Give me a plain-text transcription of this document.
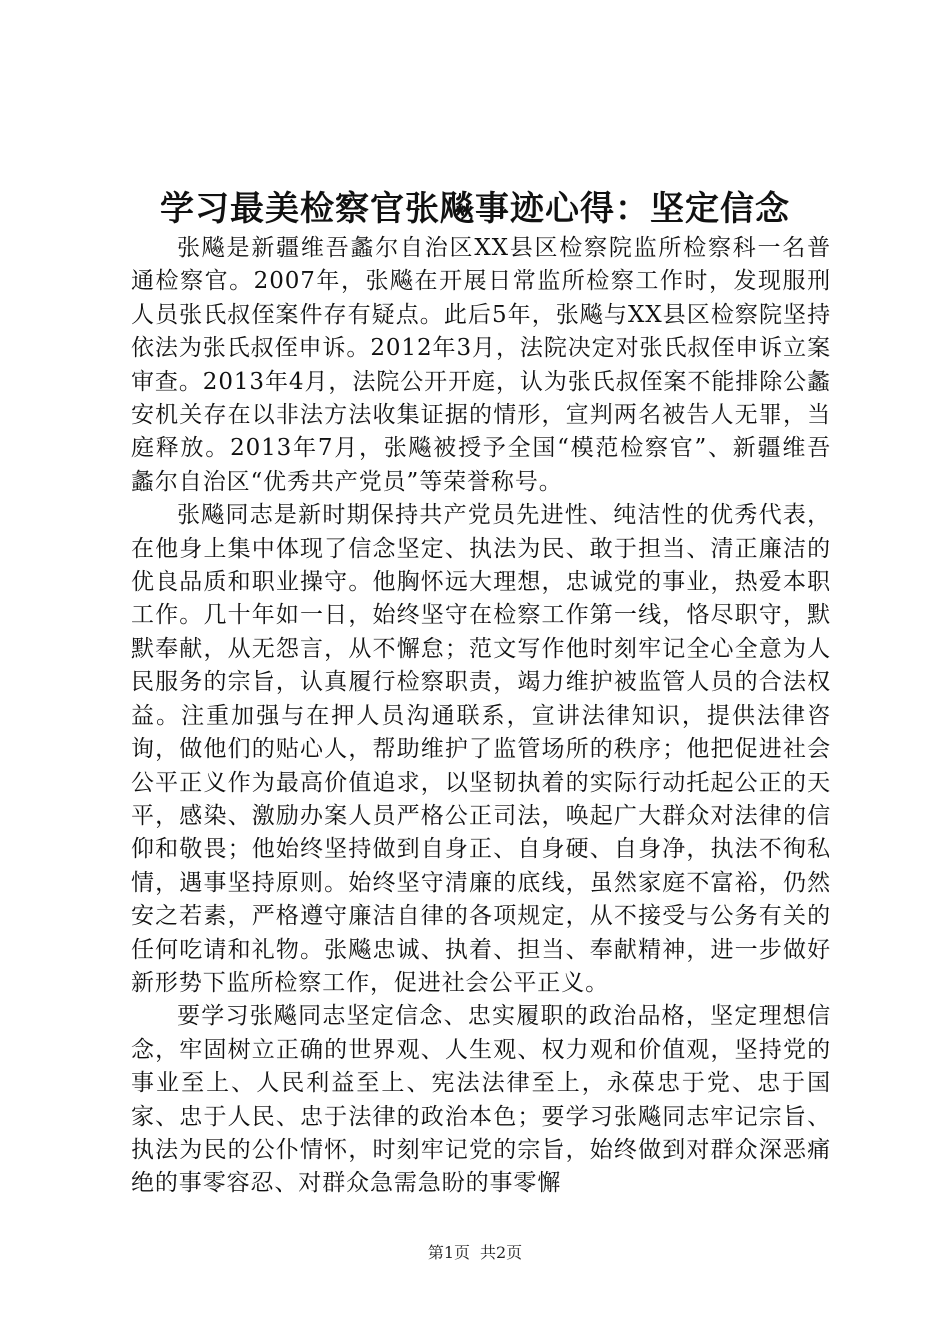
学习最美检察官张飚事迹心得：坚定信念

张飚是新疆维吾蠡尔自治区XX县区检察院监所检察科一名普通检察官。2007年，张飚在开展日常监所检察工作时，发现服刑人员张氏叔侄案件存有疑点。此后5年，张飚与XX县区检察院坚持依法为张氏叔侄申诉。2012年3月，法院决定对张氏叔侄申诉立案审查。2013年4月，法院公开开庭，认为张氏叔侄案不能排除公蠡安机关存在以非法方法收集证据的情形，宣判两名被告人无罪，当庭释放。2013年7月，张飚被授予全国“模范检察官”、新疆维吾蠡尔自治区“优秀共产党员”等荣誉称号。

张飚同志是新时期保持共产党员先进性、纯洁性的优秀代表，在他身上集中体现了信念坚定、执法为民、敢于担当、清正廉洁的优良品质和职业操守。他胸怀远大理想，忠诚党的事业，热爱本职工作。几十年如一日，始终坚守在检察工作第一线，恪尽职守，默默奉献，从无怨言，从不懈怠；范文写作他时刻牢记全心全意为人民服务的宗旨，认真履行检察职责，竭力维护被监管人员的合法权益。注重加强与在押人员沟通联系，宣讲法律知识，提供法律咨询，做他们的贴心人，帮助维护了监管场所的秩序；他把促进社会公平正义作为最高价值追求，以坚韧执着的实际行动托起公正的天平，感染、激励办案人员严格公正司法，唤起广大群众对法律的信仰和敬畏；他始终坚持做到自身正、自身硬、自身净，执法不徇私情，遇事坚持原则。始终坚守清廉的底线，虽然家庭不富裕，仍然安之若素，严格遵守廉洁自律的各项规定，从不接受与公务有关的任何吃请和礼物。张飚忠诚、执着、担当、奉献精神，进一步做好新形势下监所检察工作，促进社会公平正义。

要学习张飚同志坚定信念、忠实履职的政治品格，坚定理想信念，牢固树立正确的世界观、人生观、权力观和价值观，坚持党的事业至上、人民利益至上、宪法法律至上，永葆忠于党、忠于国家、忠于人民、忠于法律的政治本色；要学习张飚同志牢记宗旨、执法为民的公仆情怀，时刻牢记党的宗旨，始终做到对群众深恶痛绝的事零容忍、对群众急需急盼的事零懈

第1页 共2页
